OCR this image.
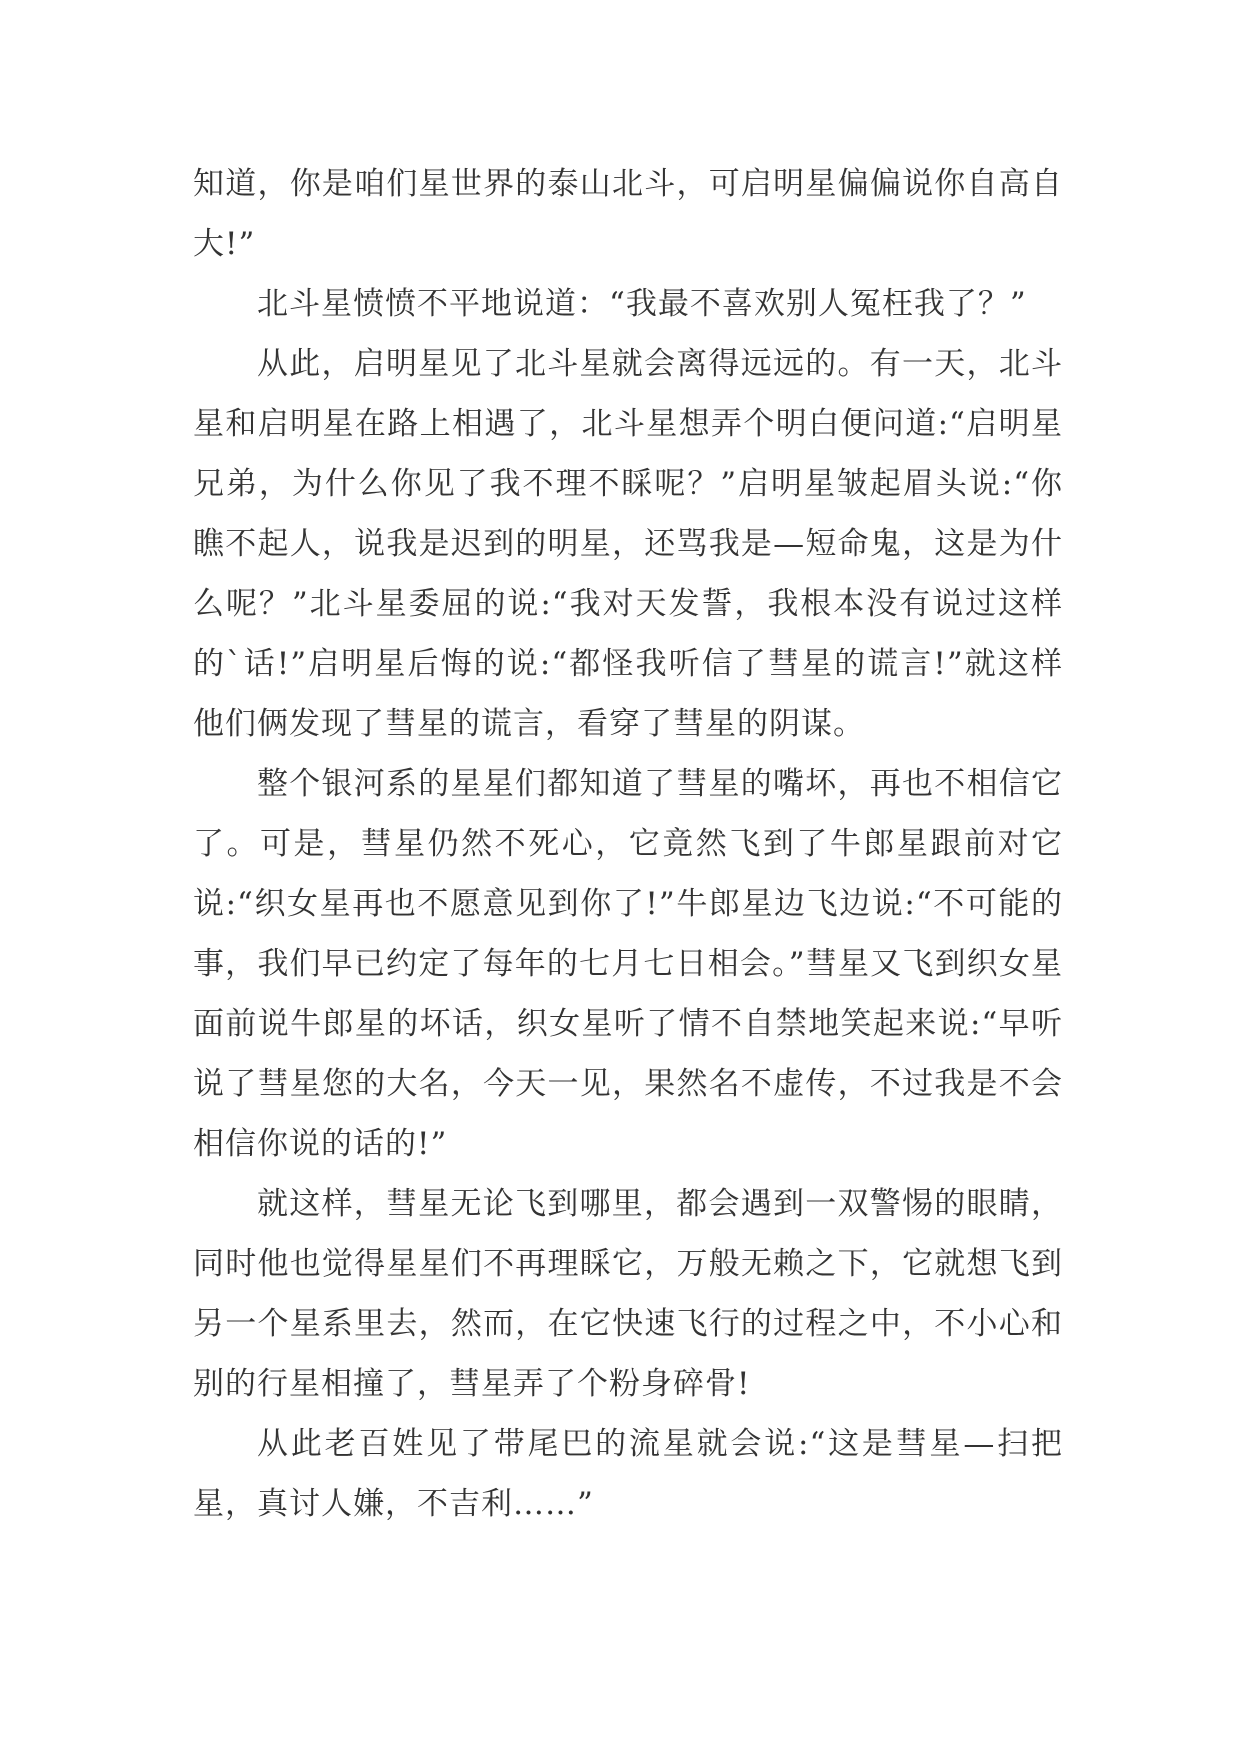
知道，你是咱们星世界的泰山北斗，可启明星偏偏说你自高自大!”

北斗星愤愤不平地说道：“我最不喜欢别人冤枉我了？”

从此，启明星见了北斗星就会离得远远的。有一天，北斗星和启明星在路上相遇了，北斗星想弄个明白便问道:“启明星兄弟，为什么你见了我不理不睬呢？”启明星皱起眉头说:“你瞧不起人，说我是迟到的明星，还骂我是—短命鬼，这是为什么呢？”北斗星委屈的说:“我对天发誓，我根本没有说过这样的`话!”启明星后悔的说:“都怪我听信了彗星的谎言!”就这样他们俩发现了彗星的谎言，看穿了彗星的阴谋。

整个银河系的星星们都知道了彗星的嘴坏，再也不相信它了。可是，彗星仍然不死心，它竟然飞到了牛郎星跟前对它说:“织女星再也不愿意见到你了!”牛郎星边飞边说:“不可能的事，我们早已约定了每年的七月七日相会。”彗星又飞到织女星面前说牛郎星的坏话，织女星听了情不自禁地笑起来说:“早听说了彗星您的大名，今天一见，果然名不虚传，不过我是不会相信你说的话的!”

就这样，彗星无论飞到哪里，都会遇到一双警惕的眼睛，同时他也觉得星星们不再理睬它，万般无赖之下，它就想飞到另一个星系里去，然而，在它快速飞行的过程之中，不小心和别的行星相撞了，彗星弄了个粉身碎骨!

从此老百姓见了带尾巴的流星就会说:“这是彗星—扫把星，真讨人嫌，不吉利……”
